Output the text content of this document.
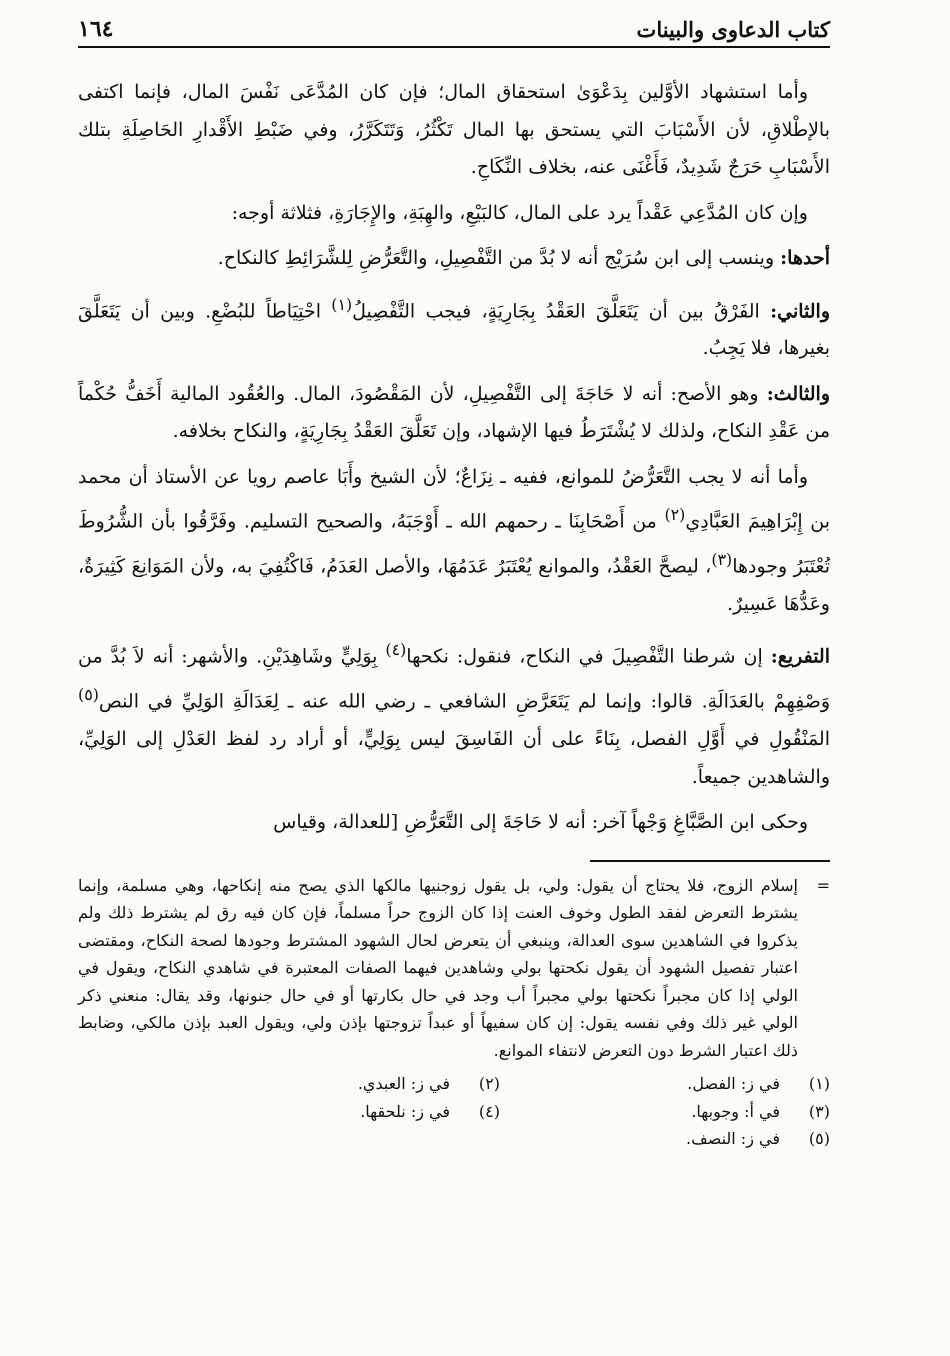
كتاب الدعاوى والبينات
١٦٤

وأما استشهاد الأوَّلين بِدَعْوَىٰ استحقاق المال؛ فإن كان المُدَّعَى نَفْسَ المال، فإنما اكتفى بالإطْلاقِ، لأن الأَسْبَابَ التي يستحق بها المال تَكْثُرُ، وَتَتَكَرَّرُ، وفي ضَبْطِ الأَقْدارِ الحَاصِلَةِ بتلك الأَسْبَابِ حَرَجٌ شَدِيدٌ، فَأَغْنَى عنه، بخلاف النِّكَاحِ.

وإن كان المُدَّعِي عَقْداً يرد على المال، كالبَيْعِ، والهِبَةِ، والإِجَارَةِ، فثلاثة أوجه:

أحدها: وينسب إلى ابن سُرَيْج أنه لا بُدَّ من التَّفْصِيلِ، والتَّعَرُّضِ لِلشَّرَائِطِ كالنكاح.

والثاني: الفَرْقُ بين أن يَتَعَلَّقَ العَقْدُ بِجَارِيَةٍ، فيجب التَّفْصِيلُ$^{(١)}$ احْتِيَاطاً للبُضْعِ. وبين أن يَتَعَلَّقَ بغيرها، فلا يَجِبُ.

والثالث: وهو الأصح: أنه لا حَاجَةَ إلى التَّفْصِيلِ، لأن المَقْصُودَ، المال. والعُقُود المالية أَخَفُّ حُكْماً من عَقْدِ النكاح، ولذلك لا يُشْتَرَطُ فيها الإشهاد، وإن تَعَلَّقَ العَقْدُ بِجَارِيَةٍ، والنكاح بخلافه.

وأما أنه لا يجب التَّعَرُّضُ للموانع، ففيه ـ نِزَاعٌ؛ لأن الشيخ وأَبَا عاصم رويا عن الأستاذ أن محمد بن إِبْرَاهِيمَ العَبَّادِي$^{(٢)}$ من أَصْحَابِنَا ـ رحمهم الله ـ أَوْجَبَهُ، والصحيح التسليم. وفَرَّقُوا بأن الشُّرُوطَ تُعْتَبَرُ وجودها$^{(٣)}$، ليصحَّ العَقْدُ، والموانع يُعْتَبَرُ عَدَمُهَا، والأصل العَدَمُ، فَاكْتُفِيَ به، ولأن المَوَانِعَ كَثِيرَةٌ، وعَدُّهَا عَسِيرٌ.

التفريع: إن شرطنا التَّفْصِيلَ في النكاح، فنقول: نكحها$^{(٤)}$ بِوَلِيٍّ وشَاهِدَيْنِ. والأشهر: أنه لاَ بُدَّ من وَصْفِهِمْ بالعَدَالَةِ. قالوا: وإنما لم يَتَعَرَّضِ الشافعي ـ رضي الله عنه ـ لِعَدَالَةِ الوَلِيِّ في النص$^{(٥)}$ المَنْقُولِ في أَوَّلِ الفصل، بِنَاءً على أن الفَاسِقَ ليس بِوَلِيٍّ، أو أراد رد لفظ العَدْلِ إلى الوَلِيِّ، والشاهدين جميعاً.

وحكى ابن الصَّبَّاغِ وَجْهاً آخر: أنه لا حَاجَةَ إلى التَّعَرُّضِ [للعدالة، وقياس

=
إسلام الزوج، فلا يحتاج أن يقول: ولي، بل يقول زوجنيها مالكها الذي يصح منه إنكاحها، وهي مسلمة، وإنما يشترط التعرض لفقد الطول وخوف العنت إذا كان الزوج حراً مسلماً، فإن كان فيه رق لم يشترط ذلك ولم يذكروا في الشاهدين سوى العدالة، وينبغي أن يتعرض لحال الشهود المشترط وجودها لصحة النكاح، ومقتضى اعتبار تفصيل الشهود أن يقول نكحتها بولي وشاهدين فيهما الصفات المعتبرة في شاهدي النكاح، ويقول في الولي إذا كان مجبراً نكحتها بولي مجبراً أب وجد في حال بكارتها أو في حال جنونها، وقد يقال: منعني ذكر الولي غير ذلك وفي نفسه يقول: إن كان سفيهاً أو عبداً تزوجتها بإذن ولي، ويقول العبد بإذن مالكي، وضابط ذلك اعتبار الشرط دون التعرض لانتفاء الموانع.
(١)
في ز: الفصل.
(٢)
في ز: العبدي.
(٣)
في أ: وجوبها.
(٤)
في ز: نلحقها.
(٥)
في ز: النصف.
